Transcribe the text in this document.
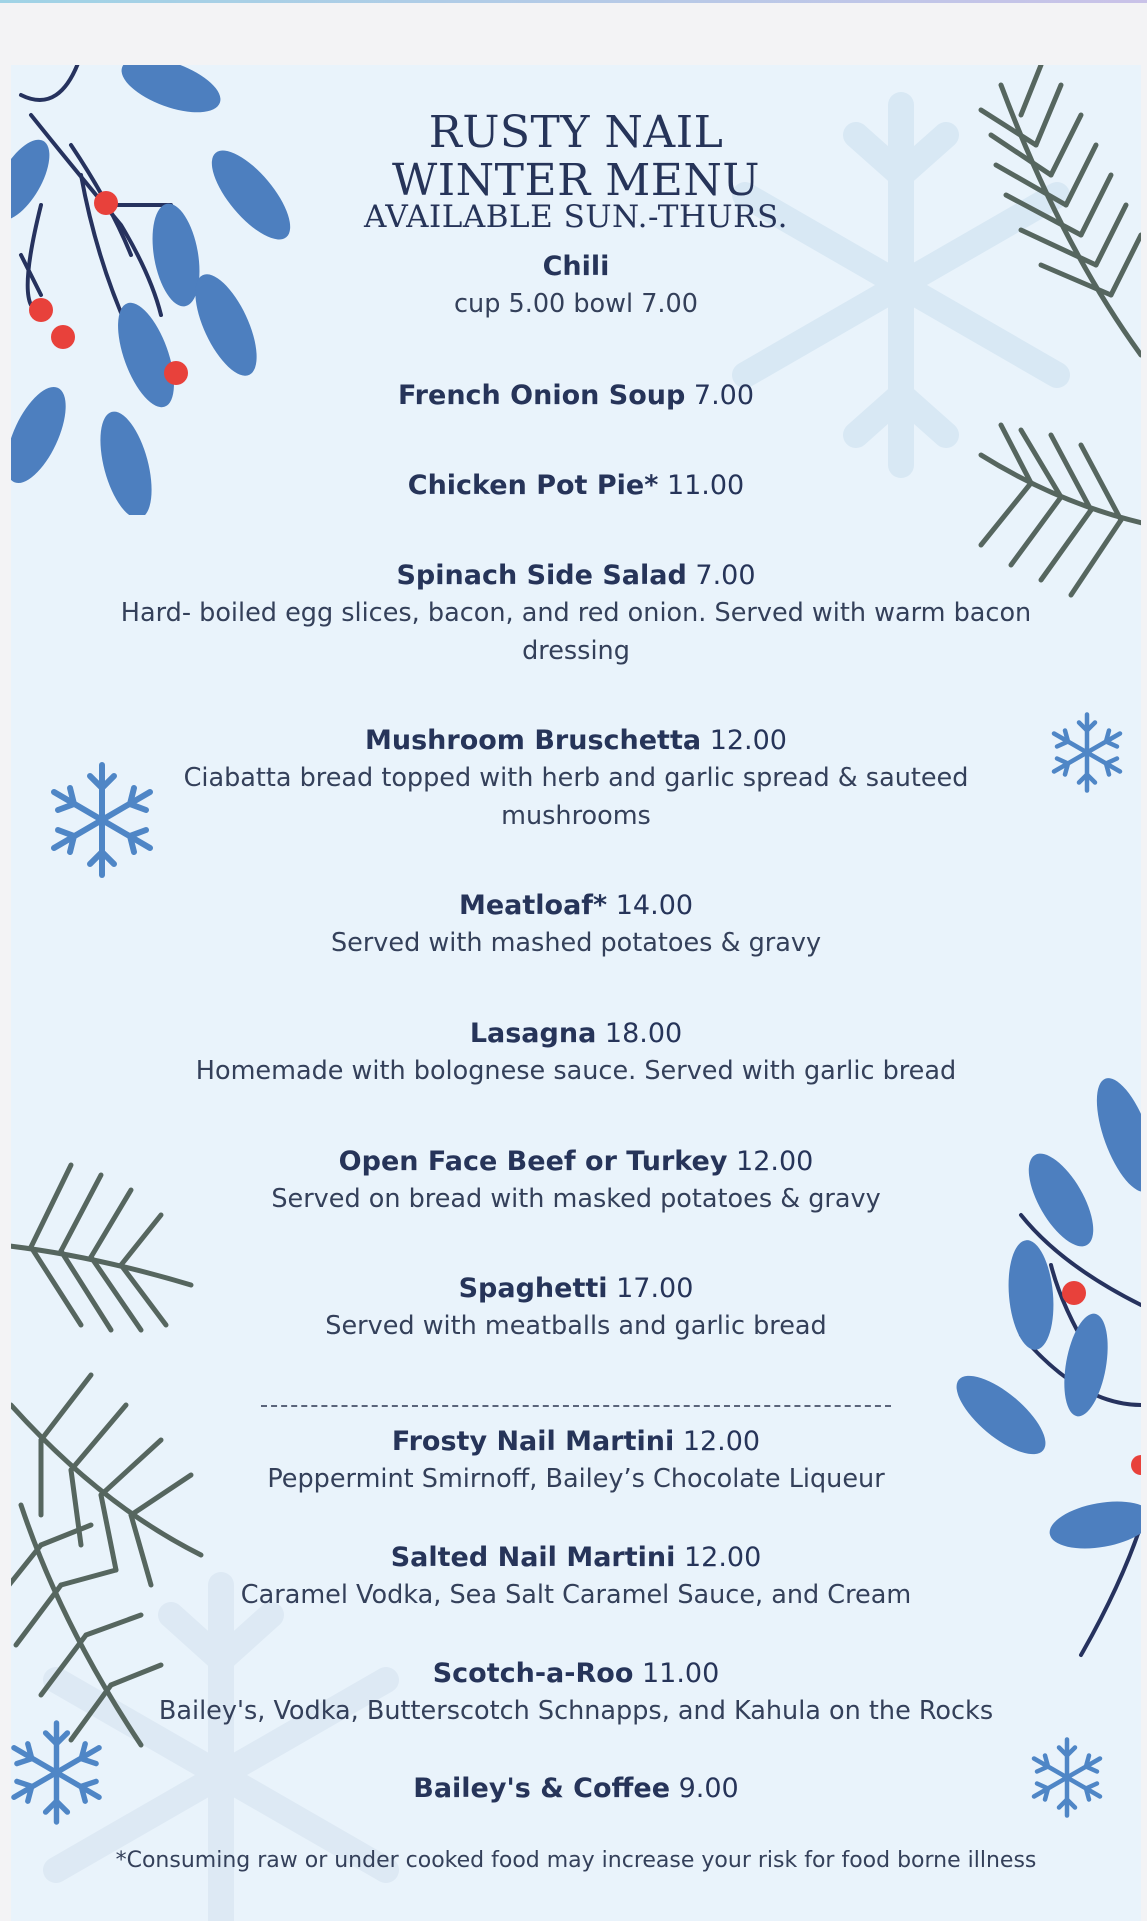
RUSTY NAIL
WINTER MENU
AVAILABLE SUN.-THURS.
Chili
cup 5.00 bowl 7.00
French Onion Soup 7.00
Chicken Pot Pie* 11.00
Spinach Side Salad 7.00
Hard- boiled egg slices, bacon, and red onion. Served with warm bacon dressing
Mushroom Bruschetta 12.00
Ciabatta bread topped with herb and garlic spread & sauteed mushrooms
Meatloaf* 14.00
Served with mashed potatoes & gravy
Lasagna 18.00
Homemade with bolognese sauce. Served with garlic bread
Open Face Beef or Turkey 12.00
Served on bread with masked potatoes & gravy
Spaghetti 17.00
Served with meatballs and garlic bread
Frosty Nail Martini 12.00
Peppermint Smirnoff, Bailey’s Chocolate Liqueur
Salted Nail Martini 12.00
Caramel Vodka, Sea Salt Caramel Sauce, and Cream
Scotch-a-Roo 11.00
Bailey's, Vodka, Butterscotch Schnapps, and Kahula on the Rocks
Bailey's & Coffee 9.00
*Consuming raw or under cooked food may increase your risk for food borne illness
